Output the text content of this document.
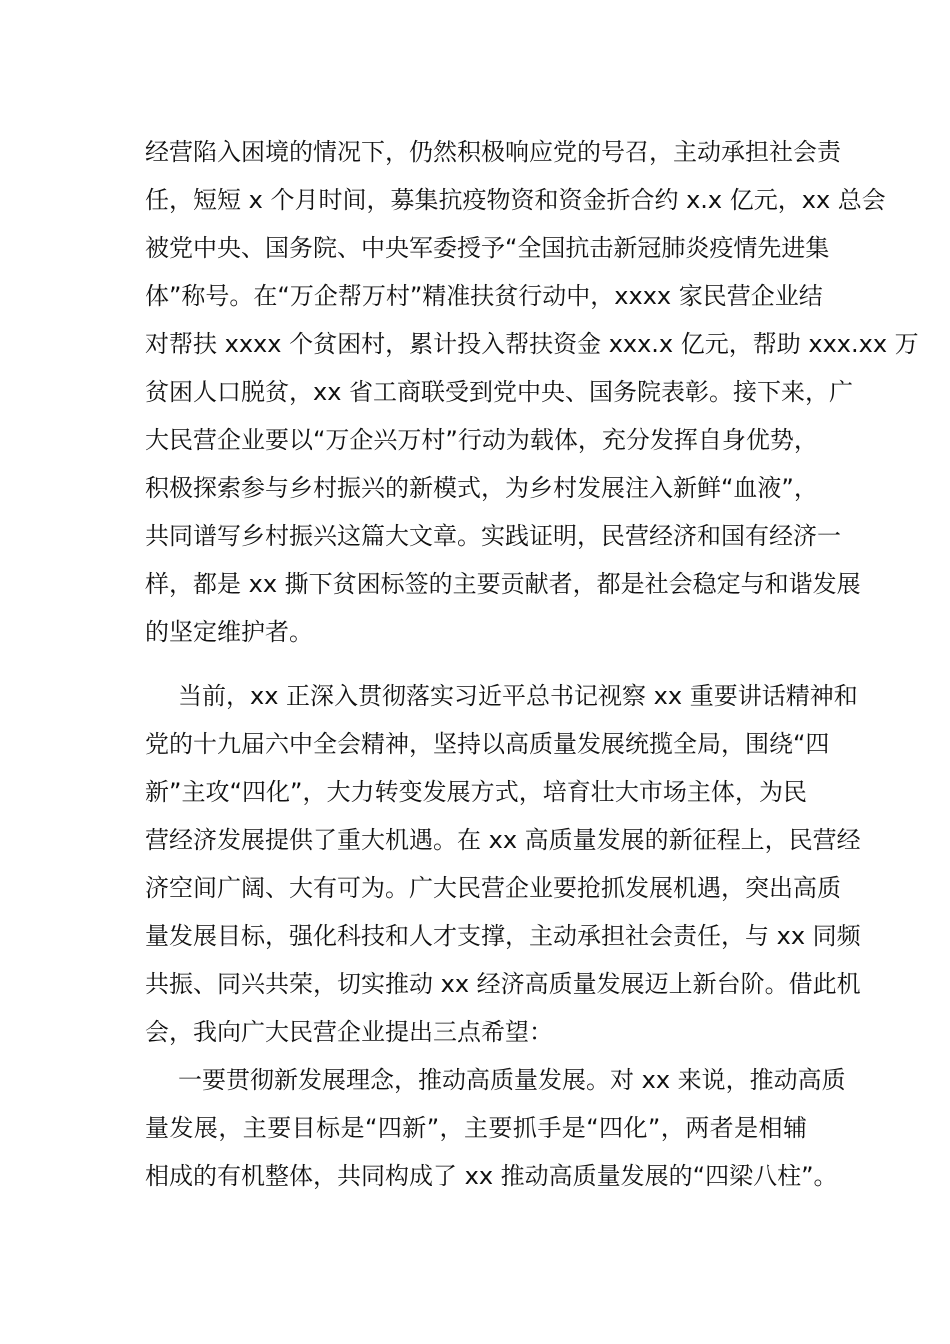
经营陷入困境的情况下，仍然积极响应党的号召，主动承担社会责

任，短短 x 个月时间，募集抗疫物资和资金折合约 x.x 亿元，xx 总会

被党中央、国务院、中央军委授予“全国抗击新冠肺炎疫情先进集

体”称号。在“万企帮万村”精准扶贫行动中，xxxx 家民营企业结

对帮扶 xxxx 个贫困村，累计投入帮扶资金 xxx.x 亿元，帮助 xxx.xx 万

贫困人口脱贫，xx 省工商联受到党中央、国务院表彰。接下来，广

大民营企业要以“万企兴万村”行动为载体，充分发挥自身优势，

积极探索参与乡村振兴的新模式，为乡村发展注入新鲜“血液”，

共同谱写乡村振兴这篇大文章。实践证明，民营经济和国有经济一

样，都是 xx 撕下贫困标签的主要贡献者，都是社会稳定与和谐发展

的坚定维护者。

当前，xx 正深入贯彻落实习近平总书记视察 xx 重要讲话精神和

党的十九届六中全会精神，坚持以高质量发展统揽全局，围绕“四

新”主攻“四化”，大力转变发展方式，培育壮大市场主体，为民

营经济发展提供了重大机遇。在 xx 高质量发展的新征程上，民营经

济空间广阔、大有可为。广大民营企业要抢抓发展机遇，突出高质

量发展目标，强化科技和人才支撑，主动承担社会责任，与 xx 同频

共振、同兴共荣，切实推动 xx 经济高质量发展迈上新台阶。借此机

会，我向广大民营企业提出三点希望：

一要贯彻新发展理念，推动高质量发展。对 xx 来说，推动高质

量发展，主要目标是“四新”，主要抓手是“四化”，两者是相辅

相成的有机整体，共同构成了 xx 推动高质量发展的“四梁八柱”。
